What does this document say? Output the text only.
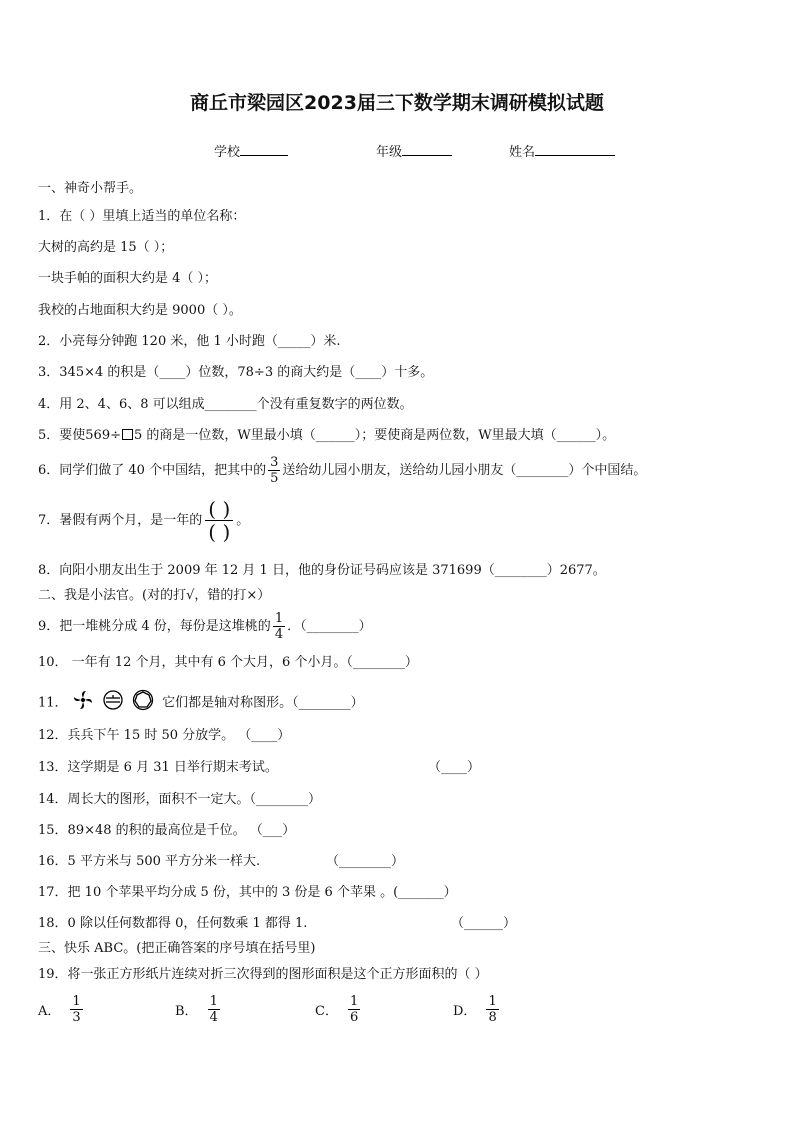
商丘市梁园区2023届三下数学期末调研模拟试题
学校	年级	姓名
一、神奇小帮手。
1．在（ ）里填上适当的单位名称：
大树的高约是 15（ ）；
一块手帕的面积大约是 4（ ）；
我校的占地面积大约是 9000（ ）。
2．小亮每分钟跑 120 米，他 1 小时跑（_____）米.
3．345×4 的积是（____）位数，78÷3 的商大约是（____）十多。
4．用 2、4、6、8 可以组成________个没有重复数字的两位数。
5．要使569÷ 5 的商是一位数，W里最小填（______）；要使商是两位数，W里最大填（______）。
6．同学们做了 40 个中国结，把其中的 $\frac{3}{5}$ 送给幼儿园小朋友，送给幼儿园小朋友（________）个中国结。
7．暑假有两个月，是一年的 $\frac{( )}{( )}$ 。
8．向阳小朋友出生于 2009 年 12 月 1 日，他的身份证号码应该是 371699（________）2677。
二、我是小法官。(对的打√，错的打×）
9．把一堆桃分成 4 份，每份是这堆桃的 $\frac{1}{4}$ ．（________）
10． 一年有 12 个月，其中有 6 个大月，6 个小月。（________）
11．	它们都是轴对称图形。（________）
12．兵兵下午 15 时 50 分放学。 （____）
13．这学期是 6 月 31 日举行期末考试。	（____）
14．周长大的图形，面积不一定大。（________）
15．89×48 的积的最高位是千位。 （___）
16．5 平方米与 500 平方分米一样大.	（________）
17．把 10 个苹果平均分成 5 份，其中的 3 份是 6 个苹果 。(_______）
18．0 除以任何数都得 0，任何数乘 1 都得 1.	（______）
三、快乐 ABC。(把正确答案的序号填在括号里)
19．将一张正方形纸片连续对折三次得到的图形面积是这个正方形面积的（ ）
A． $\frac{1}{3}$	B． $\frac{1}{4}$	C． $\frac{1}{6}$	D． $\frac{1}{8}$
